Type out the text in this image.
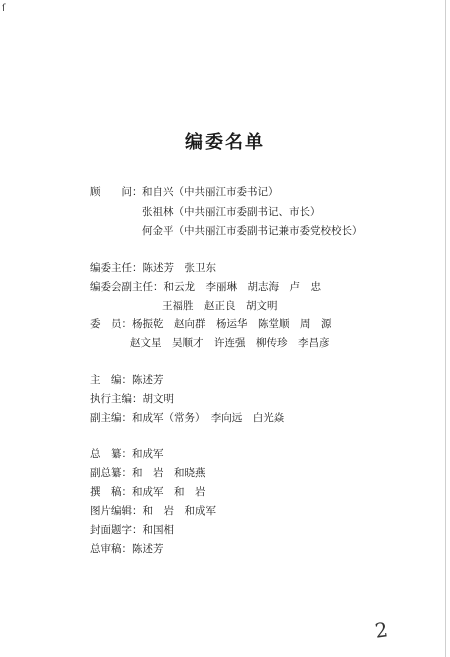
ſ
编委名单
顾　　问： 和自兴（中共丽江市委书记）
张祖林（中共丽江市委副书记、市长）
何金平（中共丽江市委副书记兼市委党校校长）
编委主任：陈述芳　张卫东
编委会副主任：和云龙　李丽琳　胡志海　卢　忠
王福胜　赵正良　胡文明
委　员：杨振乾　赵向群　杨运华　陈堂顺　周　源
赵文星　吴顺才　许连强　柳传珍　李昌彦
主　编：陈述芳
执行主编：胡文明
副主编：和成军（常务）　李向远　白光焱
总　纂：和成军
副总纂：和　岩　和晓燕
撰　稿：和成军　和　岩
图片编辑：和　岩　和成军
封面题字：和国相
总审稿：陈述芳
2
